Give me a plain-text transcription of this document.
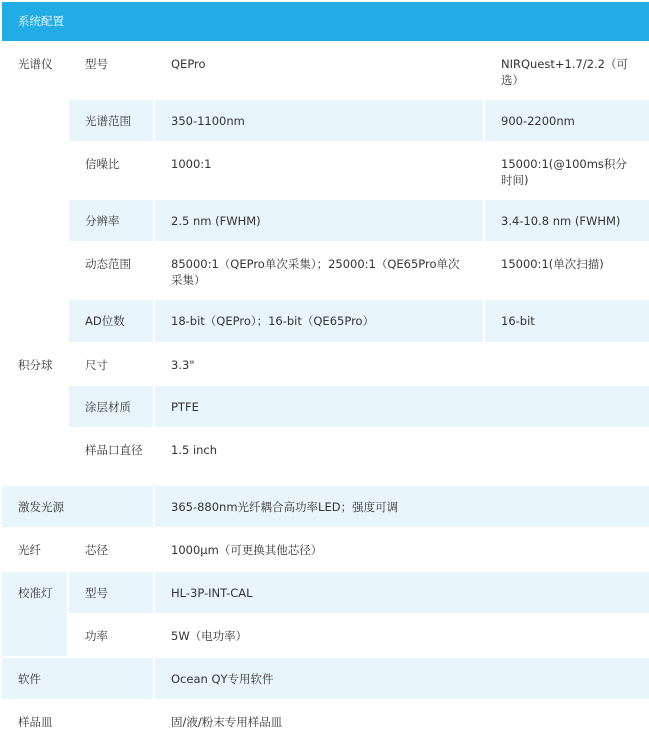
系统配置			
光谱仪	型号	QEPro	NIRQuest+1.7/2.2（可选）
	光谱范围	350-1100nm	900-2200nm
	信噪比	1000:1	15000:1(@100ms积分时间)
	分辨率	2.5 nm (FWHM)	3.4-10.8 nm (FWHM)
	动态范围	85000:1（QEPro单次采集）；25000:1（QE65Pro单次采集）	15000:1(单次扫描)
	AD位数	18-bit（QEPro）；16-bit（QE65Pro）	16-bit
积分球	尺寸	3.3"	
	涂层材质	PTFE	
	样品口直径	1.5 inch	
激发光源		365-880nm光纤耦合高功率LED；强度可调	
光纤	芯径	1000μm（可更换其他芯径）	
校准灯	型号	HL-3P-INT-CAL	
	功率	5W（电功率）	
软件		Ocean QY专用软件	
样品皿		固/液/粉末专用样品皿	
